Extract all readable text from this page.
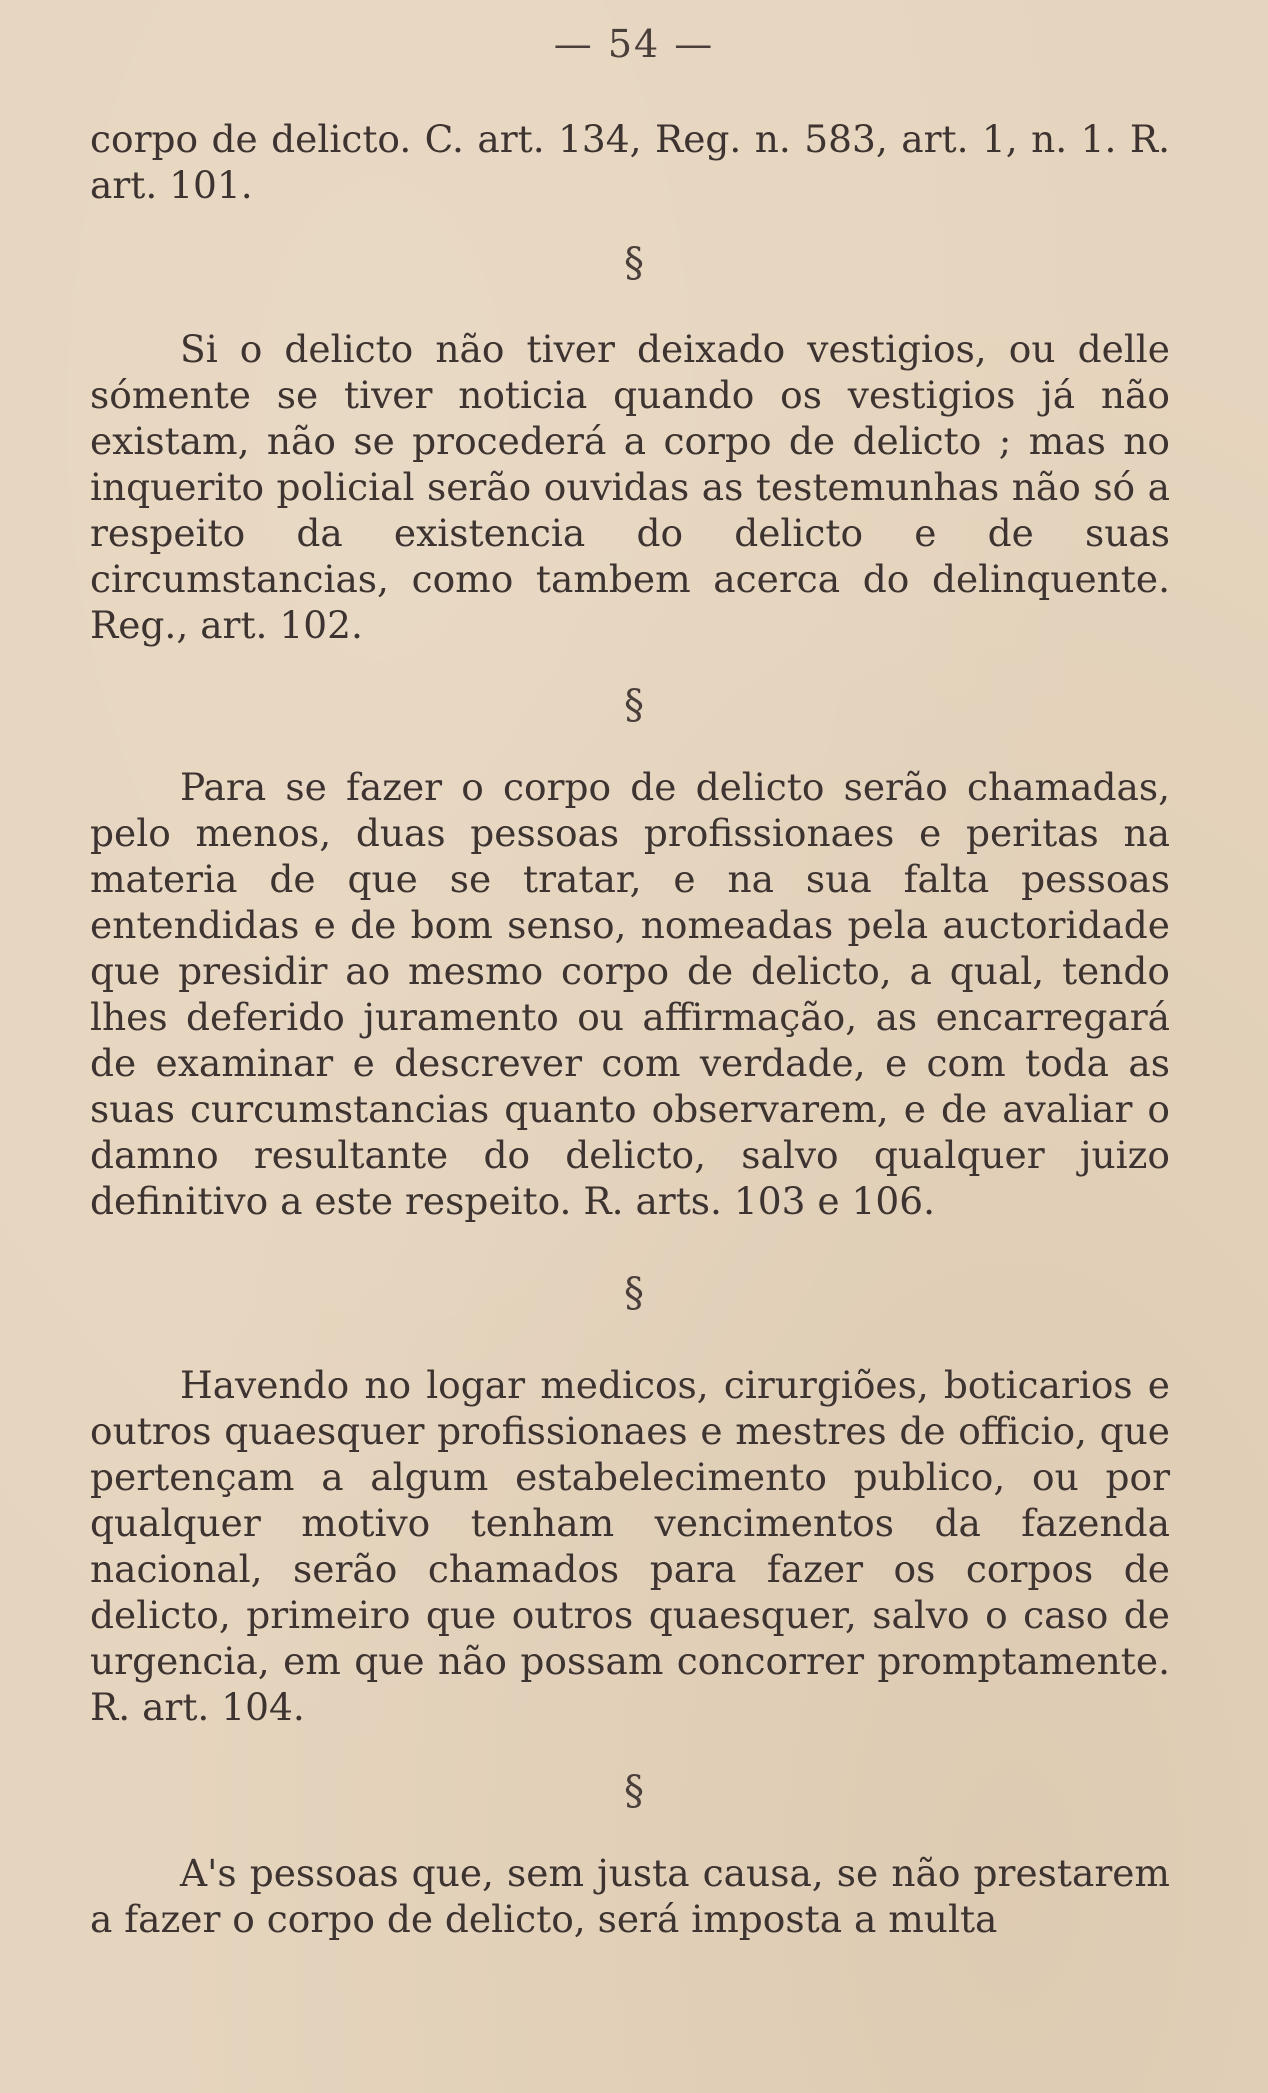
— 54 —

corpo de delicto. C. art. 134, Reg. n. 583, art. 1, n. 1. R. art. 101.

§

Si o delicto não tiver deixado vestigios, ou delle sómente se tiver noticia quando os vestigios já não existam, não se procederá a corpo de delicto ; mas no inquerito policial serão ouvidas as testemunhas não só a respeito da existencia do delicto e de suas circumstancias, como tambem acerca do delinquente. Reg., art. 102.

§

Para se fazer o corpo de delicto serão chamadas, pelo menos, duas pessoas profissionaes e peritas na materia de que se tratar, e na sua falta pessoas entendidas e de bom senso, nomeadas pela auctoridade que presidir ao mesmo corpo de delicto, a qual, tendo lhes deferido juramento ou affirmação, as encarregará de examinar e descrever com verdade, e com toda as suas curcumstancias quanto observarem, e de avaliar o damno resultante do delicto, salvo qualquer juizo definitivo a este respeito. R. arts. 103 e 106.

§

Havendo no logar medicos, cirurgiões, boticarios e outros quaesquer profissionaes e mestres de officio, que pertençam a algum estabelecimento publico, ou por qualquer motivo tenham vencimentos da fazenda nacional, serão chamados para fazer os corpos de delicto, primeiro que outros quaesquer, salvo o caso de urgencia, em que não possam concorrer promptamente. R. art. 104.

§

A's pessoas que, sem justa causa, se não prestarem a fazer o corpo de delicto, será imposta a multa
